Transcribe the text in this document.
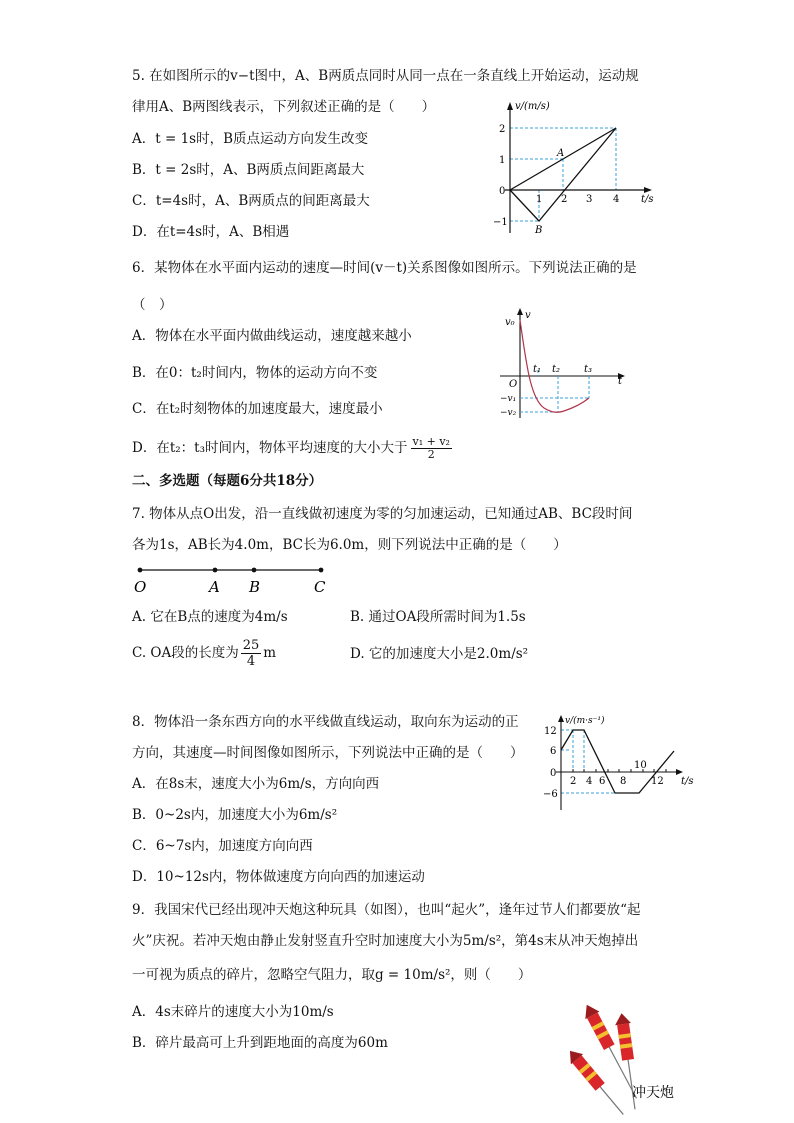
5. 在如图所示的v−t图中，A、B两质点同时从同一点在一条直线上开始运动，运动规
律用A、B两图线表示，下列叙述正确的是（　　）
A．t = 1s时，B质点运动方向发生改变
B．t = 2s时，A、B两质点间距离最大
C．t=4s时，A、B两质点的间距离最大
D．在t=4s时，A、B相遇
v/(m/s)
t/s
2
1
0
−1
1 2 3 4
A
B
6．某物体在水平面内运动的速度—时间(v－t)关系图像如图所示。下列说法正确的是
（　）
A．物体在水平面内做曲线运动，速度越来越小
B．在0：t₂时间内，物体的运动方向不变
C．在t₂时刻物体的加速度最大，速度最小
D．在t₂：t₃时间内，物体平均速度的大小大于 $\frac{\text{v₁ + v₂}}{2}$
v₀
v
t
O
t₁ t₂ t₃
−v₁
−v₂
二、多选题（每题6分共18分）
7. 物体从点O出发，沿一直线做初速度为零的匀加速运动，已知通过AB、BC段时间
各为1s，AB长为4.0m，BC长为6.0m，则下列说法中正确的是（　　）
O	A B	C
A. 它在B点的速度为4m/s	B. 通过OA段所需时间为1.5s
C. OA段的长度为 $\frac{25}{4}$ m	D. 它的加速度大小是2.0m/s²
8．物体沿一条东西方向的水平线做直线运动，取向东为运动的正
方向，其速度—时间图像如图所示，下列说法中正确的是（　　）
A．在8s末，速度大小为6m/s，方向向西
B．0~2s内，加速度大小为6m/s²
C．6~7s内，加速度方向向西
D．10~12s内，物体做速度方向向西的加速运动
v/(m·s⁻¹)
t/s
12
6
0
−6
2 4 6 8
10
12
9．我国宋代已经出现冲天炮这种玩具（如图），也叫“起火”，逢年过节人们都要放“起
火”庆祝。若冲天炮由静止发射竖直升空时加速度大小为5m/s²，第4s末从冲天炮掉出
一可视为质点的碎片，忽略空气阻力，取g = 10m/s²，则（　　）
A．4s末碎片的速度大小为10m/s
B．碎片最高可上升到距地面的高度为60m
冲天炮
